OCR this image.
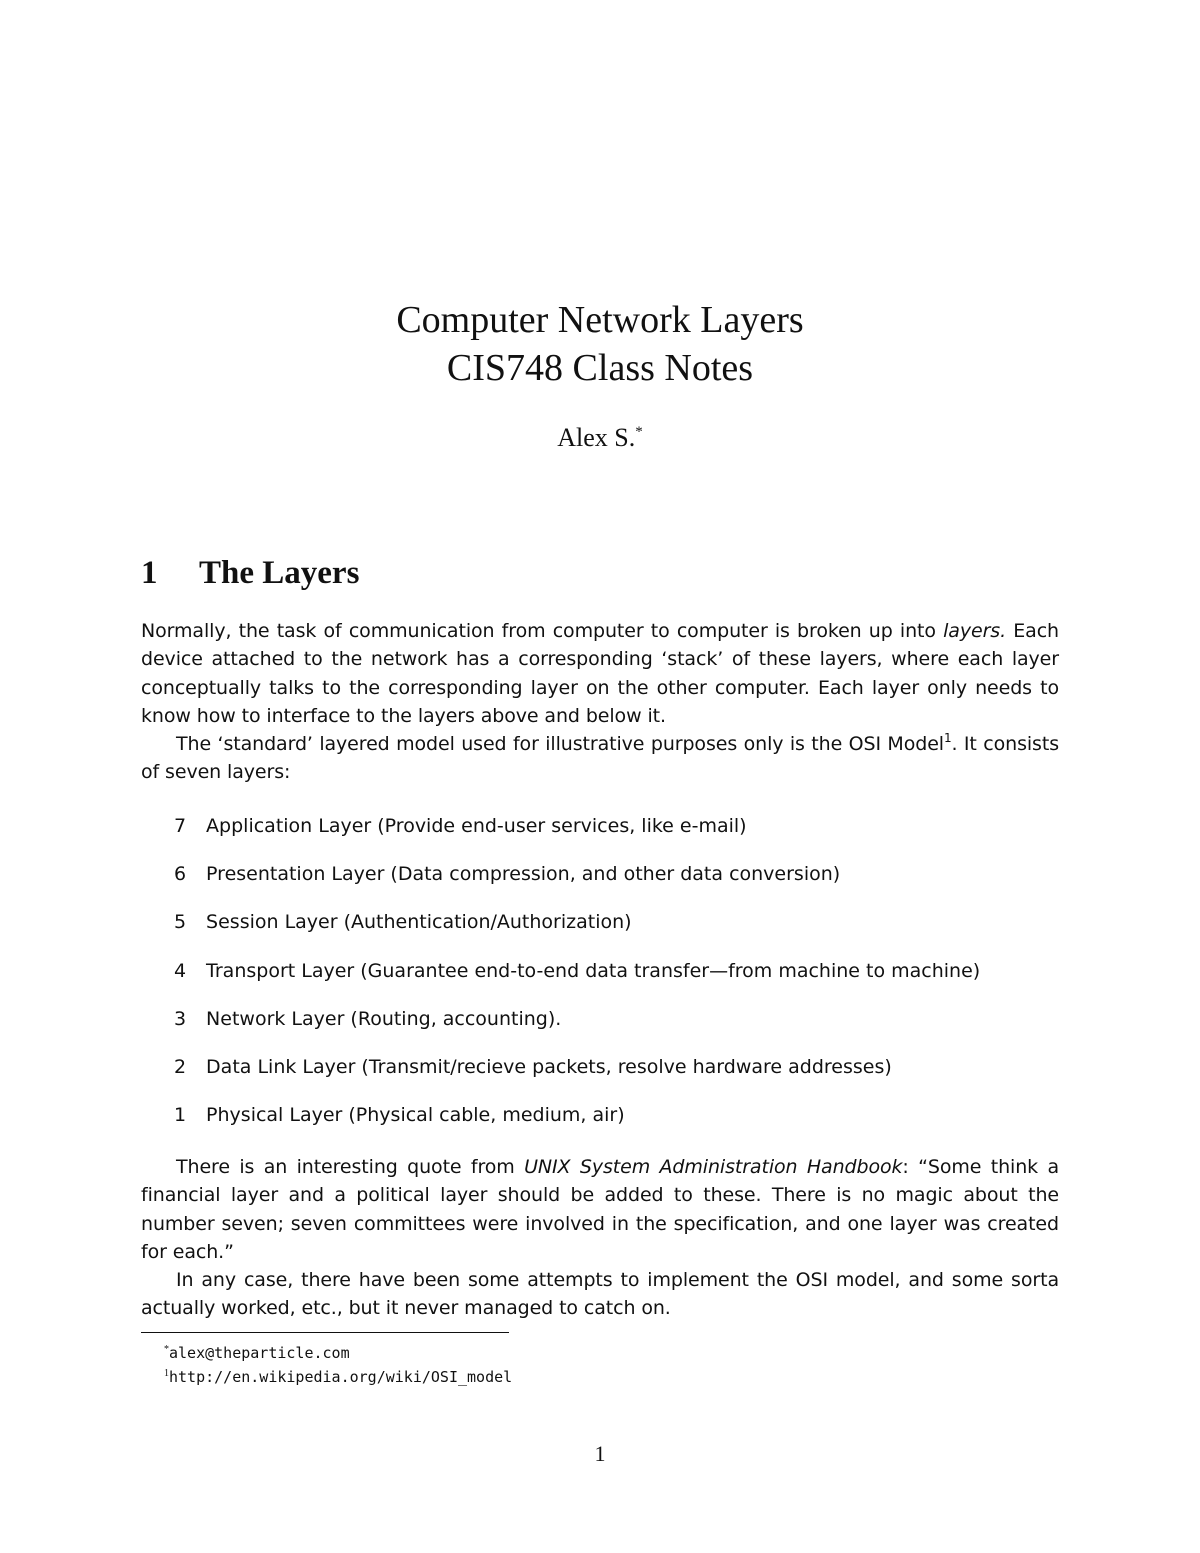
Computer Network Layers
CIS748 Class Notes
Alex S.*
1 The Layers

Normally, the task of communication from computer to computer is broken up into layers. Each device attached to the network has a corresponding ‘stack’ of these layers, where each layer conceptually talks to the corresponding layer on the other computer. Each layer only needs to know how to interface to the layers above and below it.

The ‘standard’ layered model used for illustrative purposes only is the OSI Model$^1$. It consists of seven layers:

7 Application Layer (Provide end-user services, like e-mail)
6 Presentation Layer (Data compression, and other data conversion)
5 Session Layer (Authentication/Authorization)
4 Transport Layer (Guarantee end-to-end data transfer—from machine to machine)
3 Network Layer (Routing, accounting).
2 Data Link Layer (Transmit/recieve packets, resolve hardware addresses)
1 Physical Layer (Physical cable, medium, air)

There is an interesting quote from UNIX System Administration Handbook: “Some think a financial layer and a political layer should be added to these. There is no magic about the number seven; seven committees were involved in the specification, and one layer was created for each.”

In any case, there have been some attempts to implement the OSI model, and some sorta actually worked, etc., but it never managed to catch on.

*alex@theparticle.com
$^1$http://en.wikipedia.org/wiki/OSI_model
1
